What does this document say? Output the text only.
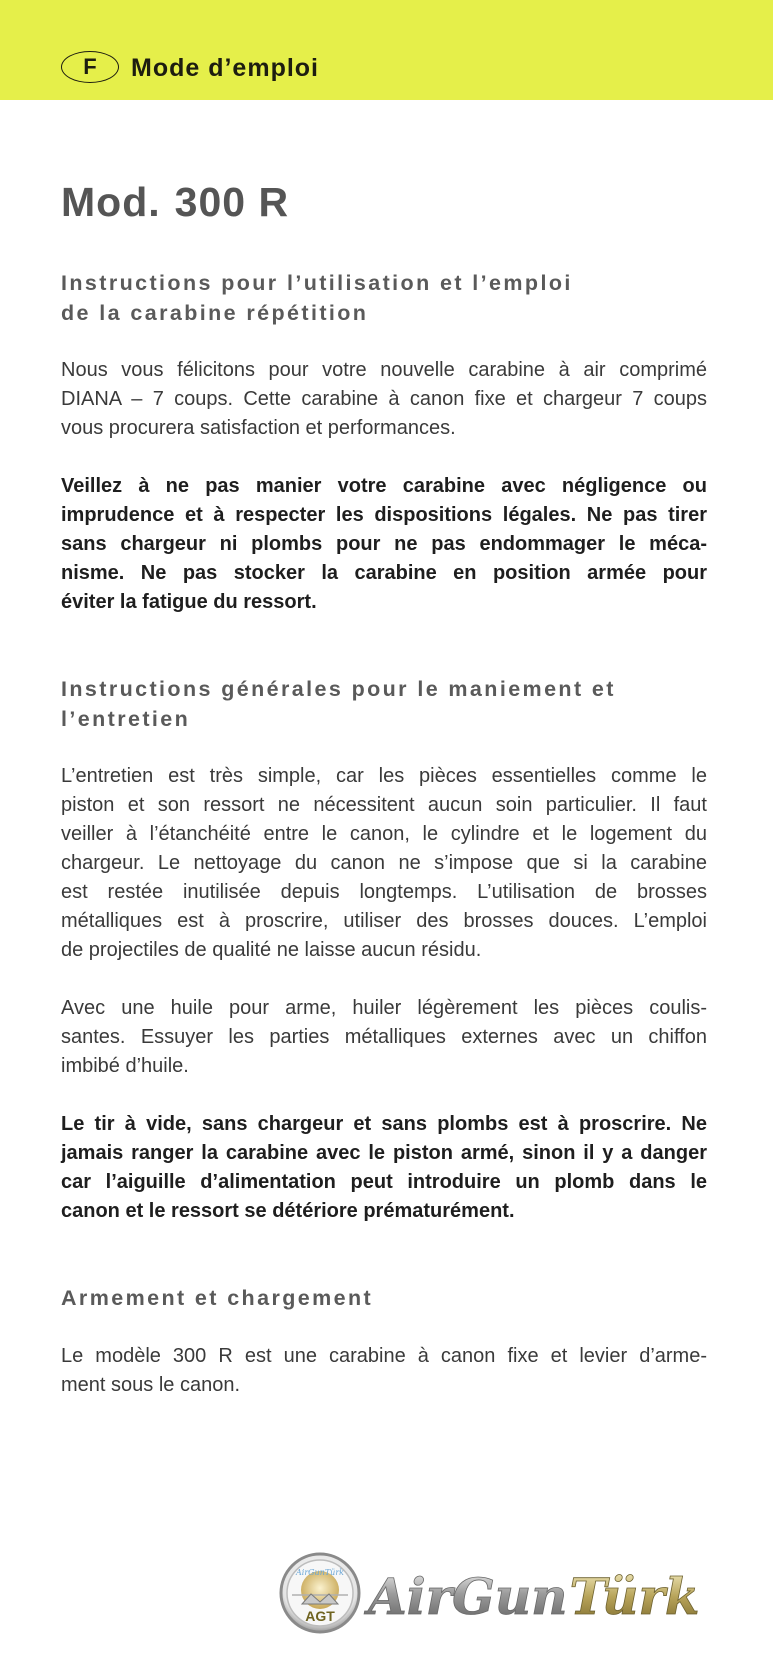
F	Mode d’emploi
Mod. 300 R
Instructions pour l’utilisation et l’emploi
de la carabine répétition
Nous vous félicitons pour votre nouvelle carabine à air comprimé
DIANA – 7 coups. Cette carabine à canon fixe et chargeur 7 coups
vous procurera satisfaction et performances.
Veillez à ne pas manier votre carabine avec négligence ou
imprudence et à respecter les dispositions légales. Ne pas tirer
sans chargeur ni plombs pour ne pas endommager le méca-
nisme. Ne pas stocker la carabine en position armée pour
éviter la fatigue du ressort.
Instructions générales pour le maniement et
l’entretien
L’entretien est très simple, car les pièces essentielles comme le
piston et son ressort ne nécessitent aucun soin particulier. Il faut
veiller à l’étanchéité entre le canon, le cylindre et le logement du
chargeur. Le nettoyage du canon ne s’impose que si la carabine
est restée inutilisée depuis longtemps. L’utilisation de brosses
métalliques est à proscrire, utiliser des brosses douces. L’emploi
de projectiles de qualité ne laisse aucun résidu.
Avec une huile pour arme, huiler légèrement les pièces coulis-
santes. Essuyer les parties métalliques externes avec un chiffon
imbibé d’huile.
Le tir à vide, sans chargeur et sans plombs est à proscrire. Ne
jamais ranger la carabine avec le piston armé, sinon il y a danger
car l’aiguille d’alimentation peut introduire un plomb dans le
canon et le ressort se détériore prématurément.
Armement et chargement
Le modèle 300 R est une carabine à canon fixe et levier d’arme-
ment sous le canon.
AirGunTürk
AGT AirGun Türk
